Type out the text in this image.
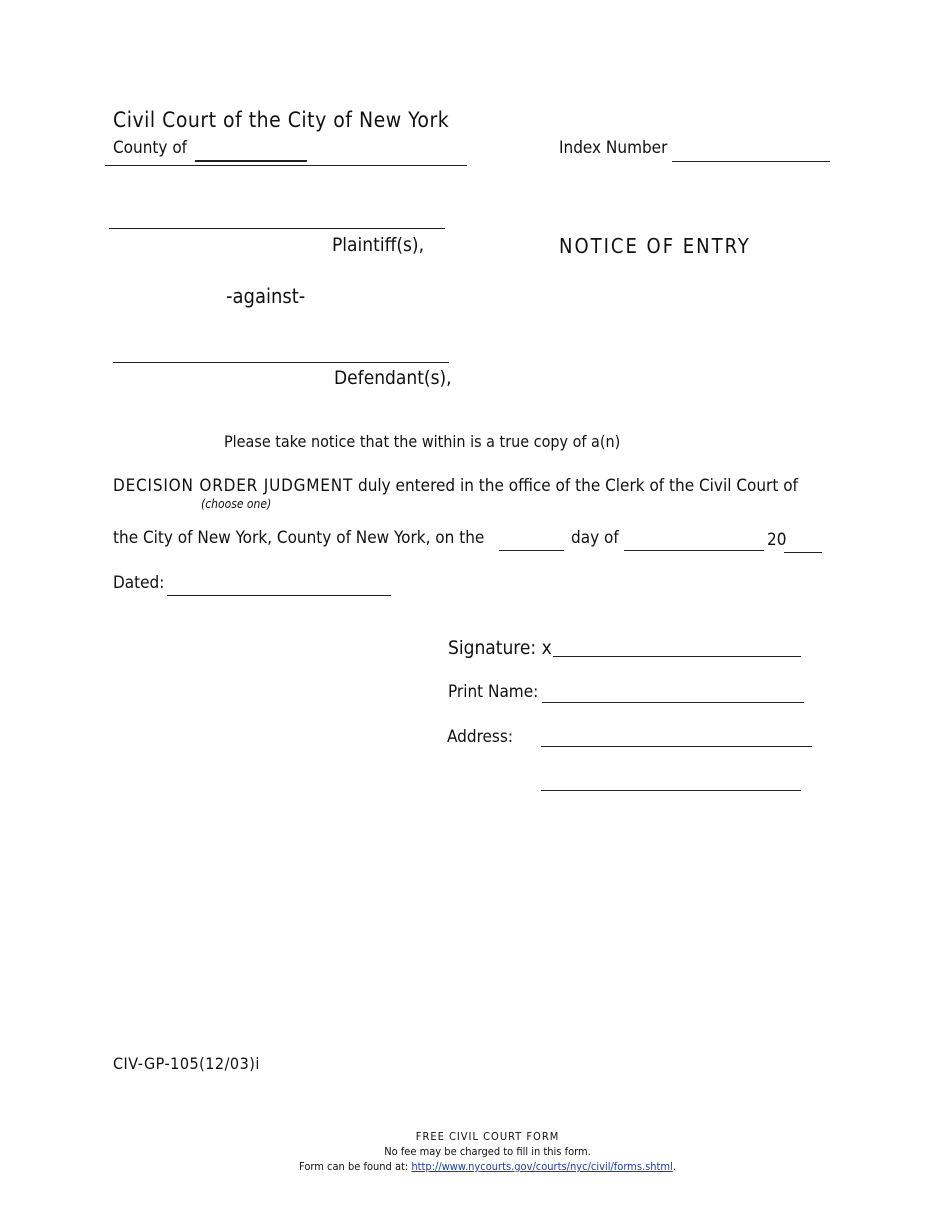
Civil Court of the City of New York
County of	Index Number
Plaintiff(s),	NOTICE OF ENTRY
-against-
Defendant(s),
Please take notice that the within is a true copy of a(n)
DECISION ORDER JUDGMENT duly entered in the office of the Clerk of the Civil Court of
(choose one)
the City of New York, County of New York, on the	day of	20
Dated:
Signature: x
Print Name:
Address:
CIV-GP-105(12/03)i
FREE CIVIL COURT FORM
No fee may be charged to fill in this form.
Form can be found at: http://www.nycourts.gov/courts/nyc/civil/forms.shtml.
